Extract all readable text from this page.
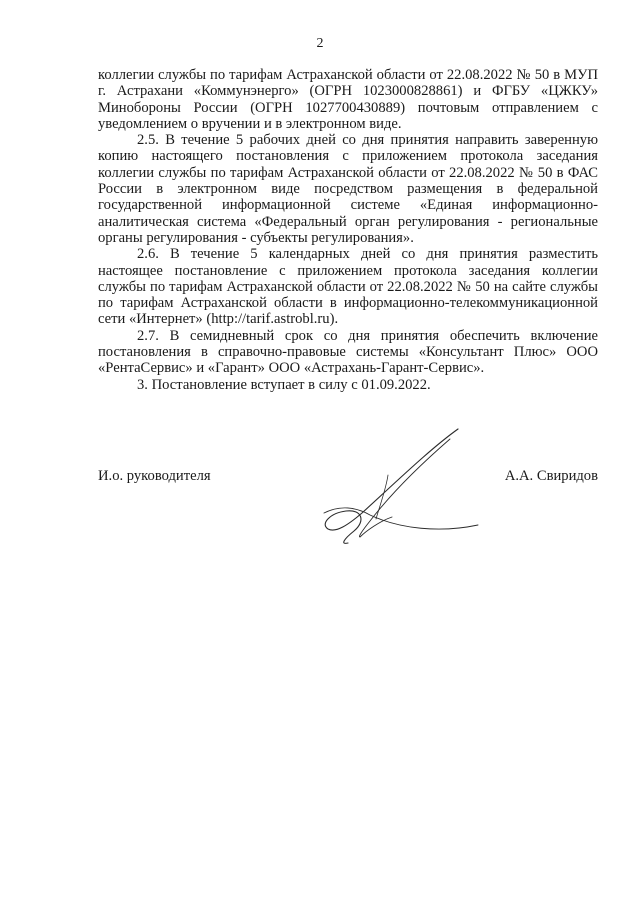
2

коллегии службы по тарифам Астраханской области от 22.08.2022 № 50 в МУП г. Астрахани «Коммунэнерго» (ОГРН 1023000828861) и ФГБУ «ЦЖКУ» Минобороны России (ОГРН 1027700430889) почтовым отправлением с уведомлением о вручении и в электронном виде.

2.5. В течение 5 рабочих дней со дня принятия направить заверенную копию настоящего постановления с приложением протокола заседания коллегии службы по тарифам Астраханской области от 22.08.2022 № 50 в ФАС России в электронном виде посредством размещения в федеральной государственной информационной системе «Единая информационно-аналитическая система «Федеральный орган регулирования - региональные органы регулирования - субъекты регулирования».

2.6. В течение 5 календарных дней со дня принятия разместить настоящее постановление с приложением протокола заседания коллегии службы по тарифам Астраханской области от 22.08.2022 № 50 на сайте службы по тарифам Астраханской области в информационно-телекоммуникационной сети «Интернет» (http://tarif.astrobl.ru).

2.7. В семидневный срок со дня принятия обеспечить включение постановления в справочно-правовые системы «Консультант Плюс» ООО «РентаСервис» и «Гарант» ООО «Астрахань-Гарант-Сервис».

3. Постановление вступает в силу с 01.09.2022.

И.о. руководителя	А.А. Свиридов
